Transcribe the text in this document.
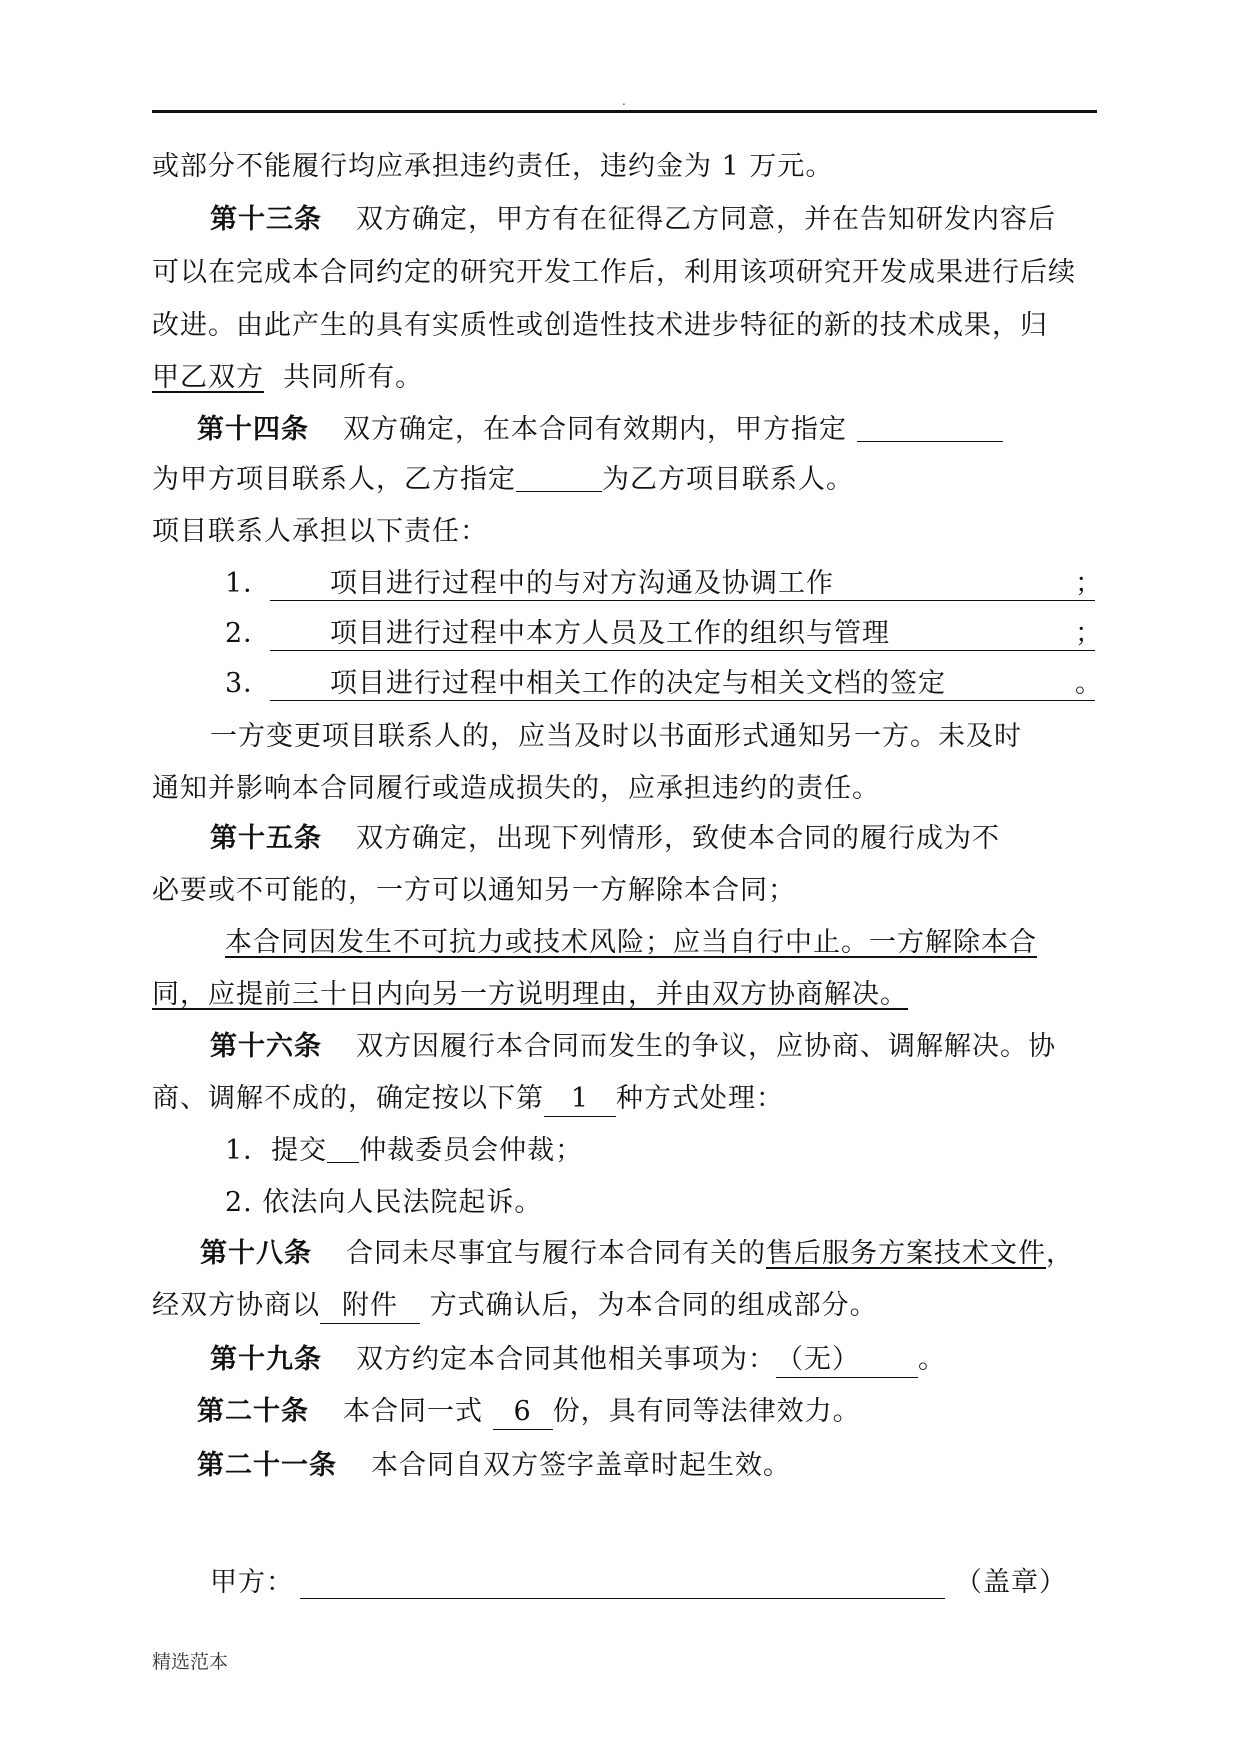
.
或部分不能履行均应承担违约责任，违约金为 1 万元。
第十三条 双方确定，甲方有在征得乙方同意，并在告知研发内容后
可以在完成本合同约定的研究开发工作后，利用该项研究开发成果进行后续
改进。由此产生的具有实质性或创造性技术进步特征的新的技术成果，归
甲乙双方 共同所有。
第十四条 双方确定，在本合同有效期内，甲方指定
为甲方项目联系人，乙方指定	为乙方项目联系人。
项目联系人承担以下责任：
1． 项目进行过程中的与对方沟通及协调工作	；
2． 项目进行过程中本方人员及工作的组织与管理	；
3． 项目进行过程中相关工作的决定与相关文档的签定	。
一方变更项目联系人的，应当及时以书面形式通知另一方。未及时
通知并影响本合同履行或造成损失的，应承担违约的责任。
第十五条 双方确定，出现下列情形，致使本合同的履行成为不
必要或不可能的，一方可以通知另一方解除本合同；
本合同因发生不可抗力或技术风险；应当自行中止。一方解除本合
同，应提前三十日内向另一方说明理由，并由双方协商解决。
第十六条 双方因履行本合同而发生的争议，应协商、调解解决。协
商、调解不成的，确定按以下第 1 种方式处理：
1．提交 仲裁委员会仲裁；
2. 依法向人民法院起诉。
第十八条 合同未尽事宜与履行本合同有关的售后服务方案技术文件，
经双方协商以 附件 方式确认后，为本合同的组成部分。
第十九条 双方约定本合同其他相关事项为：（无） 。
第二十条 本合同一式 6 份，具有同等法律效力。
第二十一条 本合同自双方签字盖章时起生效。
甲方：	（盖章）
精选范本
